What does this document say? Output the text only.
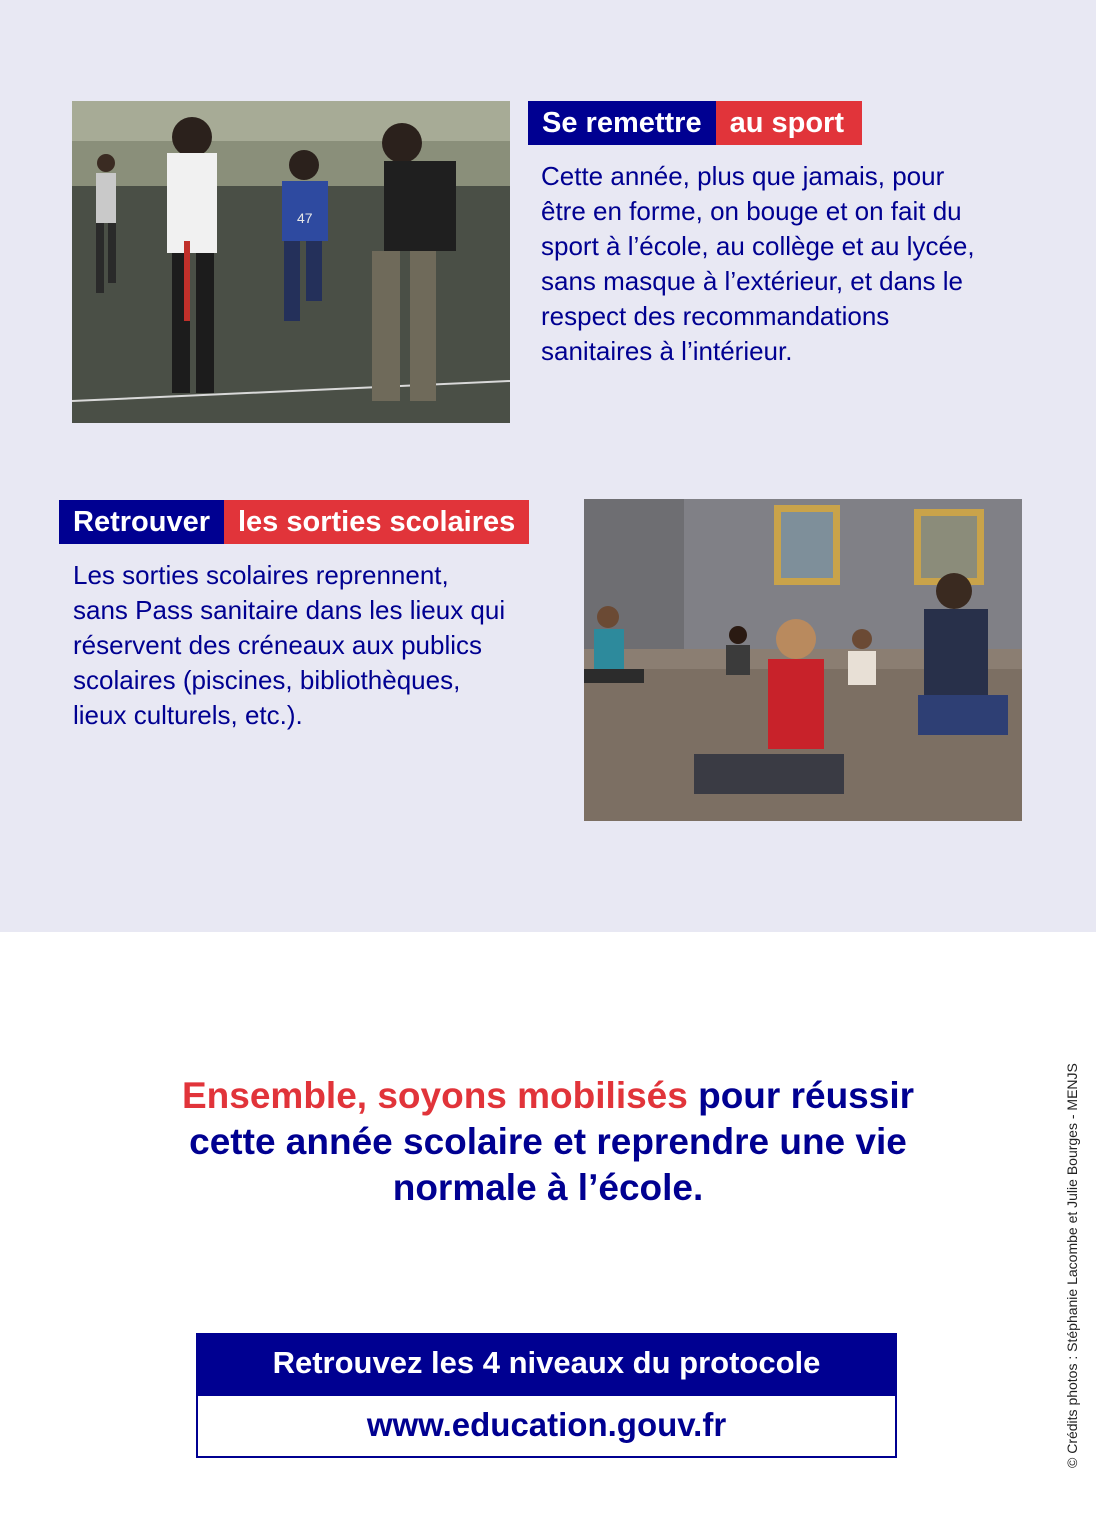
47
Se remettre au sport

Cette année, plus que jamais, pour
être en forme, on bouge et on fait du
sport à l’école, au collège et au lycée,
sans masque à l’extérieur, et dans le
respect des recommandations
sanitaires à l’intérieur.

Retrouver les sorties scolaires

Les sorties scolaires reprennent,
sans Pass sanitaire dans les lieux qui
réservent des créneaux aux publics
scolaires (piscines, bibliothèques,
lieux culturels, etc.).

Ensemble, soyons mobilisés pour réussir
cette année scolaire et reprendre une vie
normale à l’école.
Retrouvez les 4 niveaux du protocole
www.education.gouv.fr	© Crédits photos : Stéphanie Lacombe et Julie Bourges - MENJS
